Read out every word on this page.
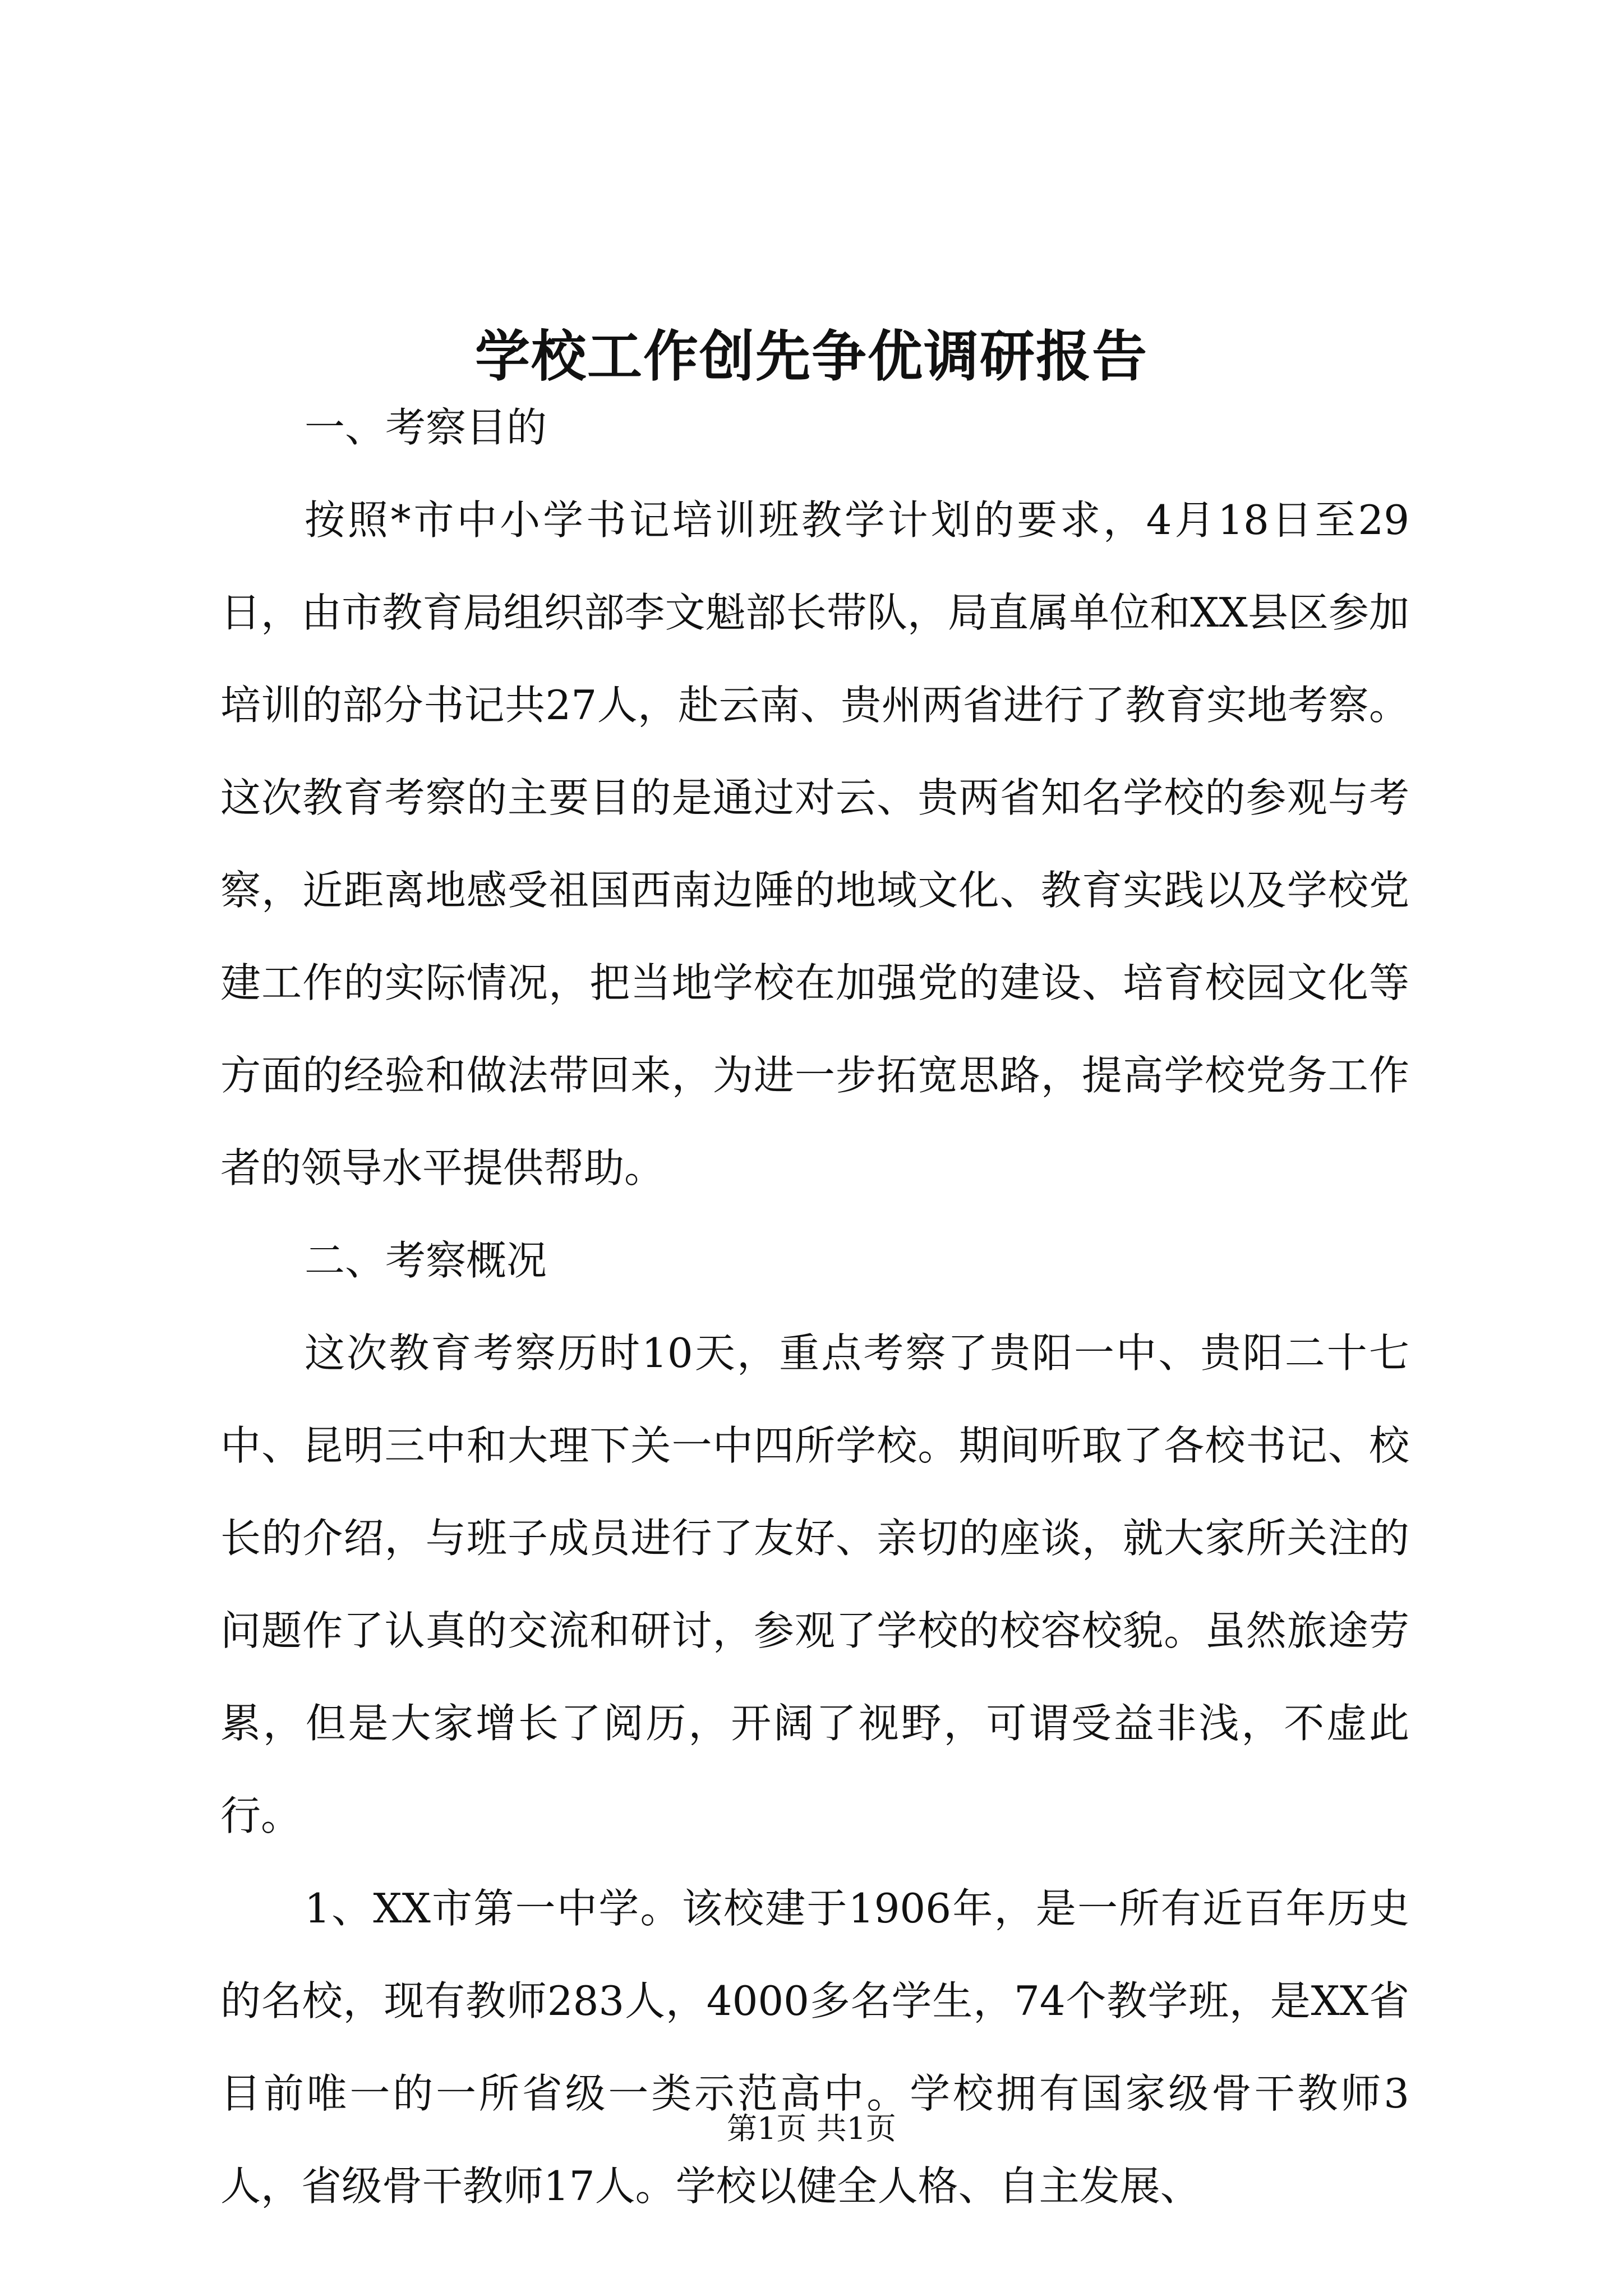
学校工作创先争优调研报告

一、考察目的

按照*市中小学书记培训班教学计划的要求，4月18日至29日，由市教育局组织部李文魁部长带队，局直属单位和XX县区参加培训的部分书记共27人，赴云南、贵州两省进行了教育实地考察。这次教育考察的主要目的是通过对云、贵两省知名学校的参观与考察，近距离地感受祖国西南边陲的地域文化、教育实践以及学校党建工作的实际情况，把当地学校在加强党的建设、培育校园文化等方面的经验和做法带回来，为进一步拓宽思路，提高学校党务工作者的领导水平提供帮助。

二、考察概况

这次教育考察历时10天，重点考察了贵阳一中、贵阳二十七中、昆明三中和大理下关一中四所学校。期间听取了各校书记、校长的介绍，与班子成员进行了友好、亲切的座谈，就大家所关注的问题作了认真的交流和研讨，参观了学校的校容校貌。虽然旅途劳累，但是大家增长了阅历，开阔了视野，可谓受益非浅，不虚此行。

1、XX市第一中学。该校建于1906年，是一所有近百年历史的名校，现有教师283人，4000多名学生，74个教学班，是XX省目前唯一的一所省级一类示范高中。学校拥有国家级骨干教师3人，省级骨干教师17人。学校以健全人格、自主发展、

第1页 共1页
